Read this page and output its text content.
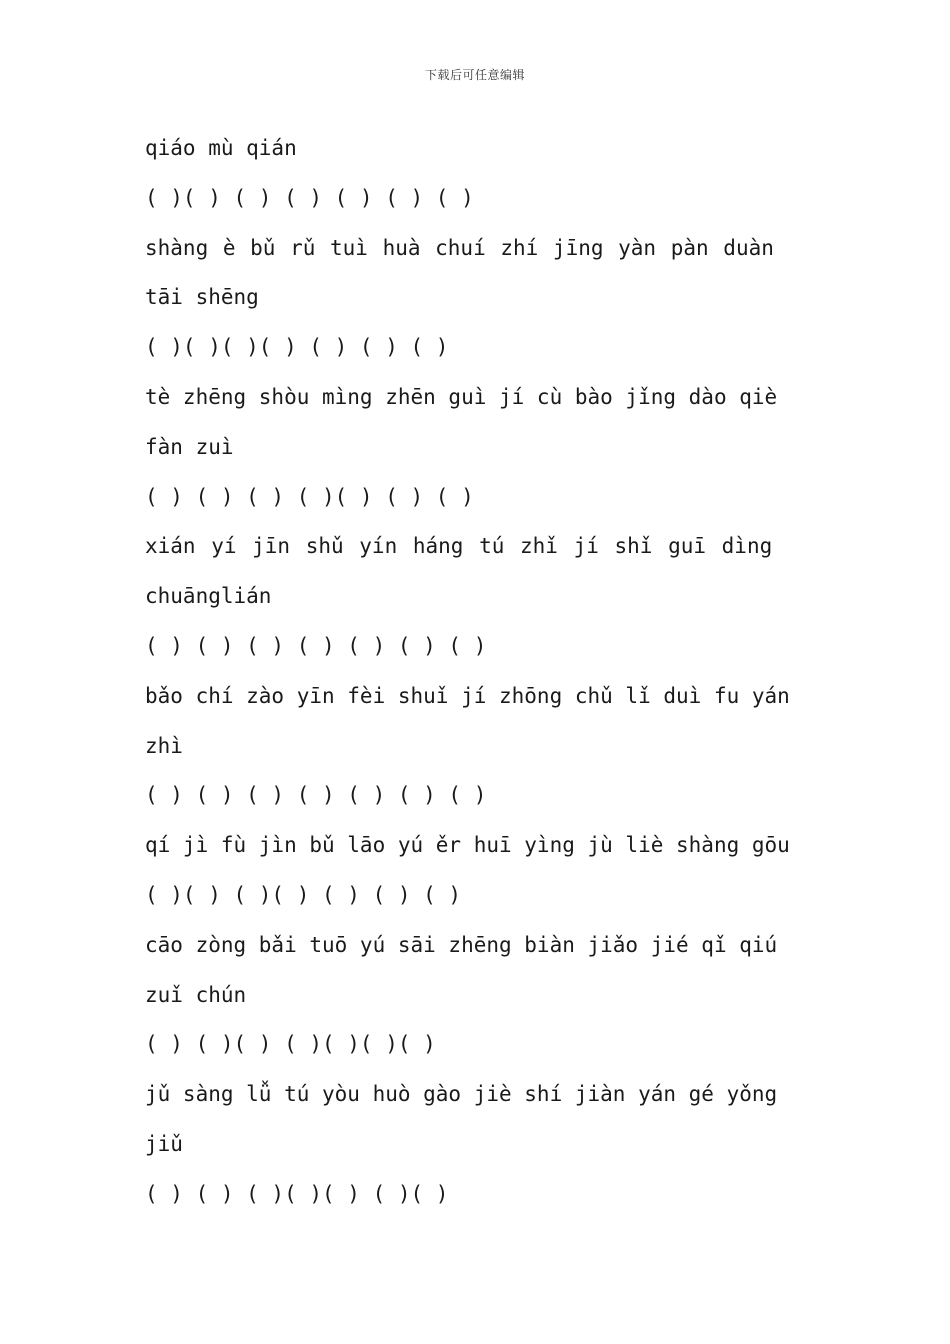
下载后可任意编辑
qiáo mù qián
( )( ) ( ) ( ) ( ) ( ) ( )
shàng è bǔ rǔ tuì huà chuí zhí jīng yàn pàn duàn
tāi shēng
( )( )( )( ) ( ) ( ) ( )
tè zhēng shòu mìng zhēn guì jí cù bào jǐng dào qiè
fàn zuì
( ) ( ) ( ) ( )( ) ( ) ( )
xián yí jīn shǔ yín háng tú zhǐ jí shǐ guī dìng
chuānglián
( ) ( ) ( ) ( ) ( ) ( ) ( )
bǎo chí zào yīn fèi shuǐ jí zhōng chǔ lǐ duì fu yán
zhì
( ) ( ) ( ) ( ) ( ) ( ) ( )
qí jì fù jìn bǔ lāo yú ěr huī yìng jù liè shàng gōu
( )( ) ( )( ) ( ) ( ) ( )
cāo zòng bǎi tuō yú sāi zhēng biàn jiǎo jié qǐ qiú
zuǐ chún
( ) ( )( ) ( )( )( )( )
jǔ sàng lǚ tú yòu huò gào jiè shí jiàn yán gé yǒng
jiǔ
( ) ( ) ( )( )( ) ( )( )
